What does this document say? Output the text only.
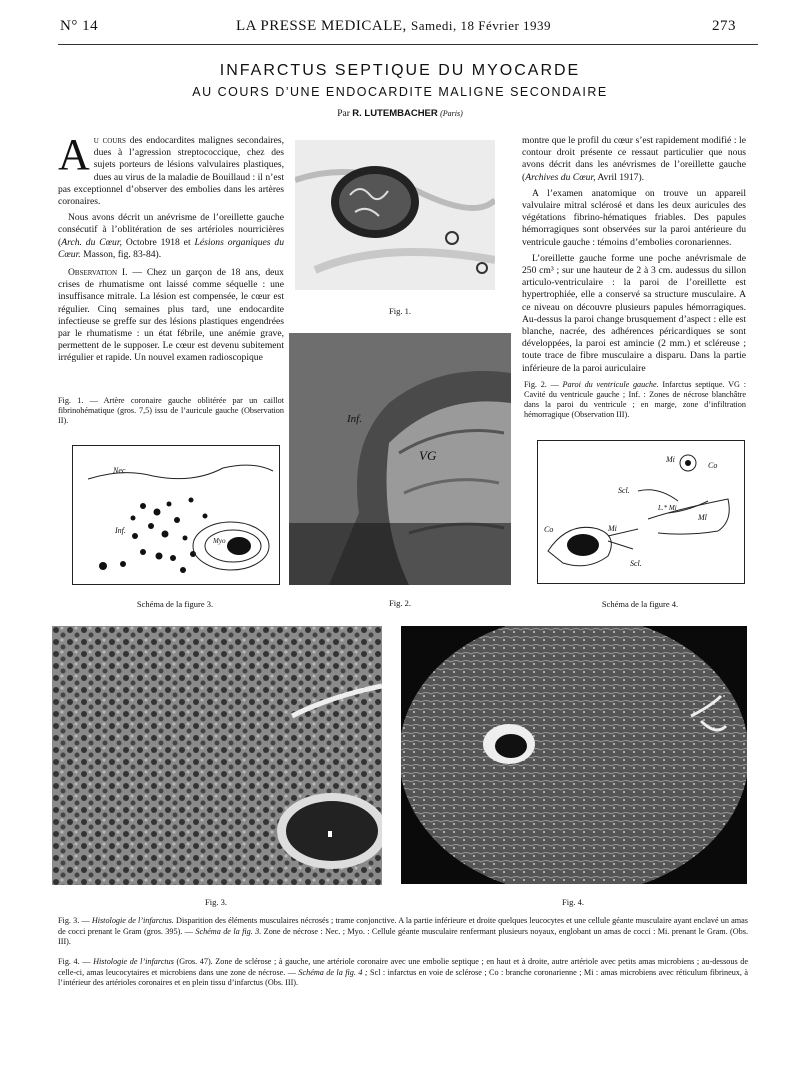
N° 14	LA PRESSE MEDICALE, Samedi, 18 Février 1939	273
INFARCTUS SEPTIQUE DU MYOCARDE
AU COURS D’UNE ENDOCARDITE MALIGNE SECONDAIRE
Par R. LUTEMBACHER (Paris)

Au cours des endocardites malignes secondaires, dues à l’agression streptococcique, chez des sujets porteurs de lésions valvulaires plastiques, dues au virus de la maladie de Bouillaud : il n’est pas exceptionnel d’observer des embolies dans les artères coronaires.

Nous avons décrit un anévrisme de l’oreillette gauche consécutif à l’oblitération de ses artérioles nourricières (Arch. du Cœur, Octobre 1918 et Lésions organiques du Cœur. Masson, fig. 83-84).

Observation I. — Chez un garçon de 18 ans, deux crises de rhumatisme ont laissé comme séquelle : une insuffisance mitrale. La lésion est compensée, le cœur est régulier. Cinq semaines plus tard, une endocardite infectieuse se greffe sur des lésions plastiques engendrées par le rhumatisme : un état fébrile, une anémie grave, permettent de le supposer. Le cœur est devenu subitement irrégulier et rapide. Un nouvel examen radioscopique

Fig. 1. — Artère coronaire gauche oblitérée par un caillot fibrinohématique (gros. 7,5) issu de l’auricule gauche (Observation II).

montre que le profil du cœur s’est rapidement modifié : le contour droit présente ce ressaut particulier que nous avons décrit dans les anévrismes de l’oreillette gauche (Archives du Cœur, Avril 1917).

A l’examen anatomique on trouve un appareil valvulaire mitral sclérosé et dans les deux auricules des végétations fibrino-hématiques friables. Des papules hémorragiques sont observées sur la paroi antérieure du ventricule gauche : témoins d’embolies coronariennes.

L’oreillette gauche forme une poche anévrismale de 250 cm³ ; sur une hauteur de 2 à 3 cm. audessus du sillon articulo-ventriculaire : la paroi de l’oreillette est hypertrophiée, elle a conservé sa structure musculaire. A ce niveau on découvre plusieurs papules hémorragiques. Au-dessus la paroi change brusquement d’aspect : elle est blanche, nacrée, des adhérences péricardiques se sont développées, la paroi est amincie (2 mm.) et scléreuse ; toute trace de fibre musculaire a disparu. Dans la partie inférieure de la paroi auriculaire

Fig. 2. — Paroi du ventricule gauche. Infarctus septique. VG : Cavité du ventricule gauche ; Inf. : Zones de nécrose blanchâtre dans la paroi du ventricule ; en marge, zone d’infiltration hémorragique (Observation III).
Fig. 1.
Inf.
VG
Fig. 2.
Nec
Inf.
Myo
Schéma de la figure 3.
Mi
Co
Scl.
L.* Mi
Ml
Co	Mi
Scl.
Schéma de la figure 4.
Fig. 3.	Fig. 4.
Fig. 3. — Histologie de l’infarctus. Disparition des éléments musculaires nécrosés ; trame conjonctive. A la partie inférieure et droite quelques leucocytes et une cellule géante musculaire ayant enclavé un amas de cocci prenant le Gram (gros. 395). — Schéma de la fig. 3. Zone de nécrose : Nec. ; Myo. : Cellule géante musculaire renfermant plusieurs noyaux, englobant un amas de cocci : Mi. prenant le Gram. (Obs. III).
Fig. 4. — Histologie de l’infarctus (Gros. 47). Zone de sclérose ; à gauche, une artériole coronaire avec une embolie septique ; en haut et à droite, autre artériole avec petits amas microbiens ; au-dessous de celle-ci, amas leucocytaires et microbiens dans une zone de nécrose. — Schéma de la fig. 4 ; Scl : infarctus en voie de sclérose ; Co : branche coronarienne ; Mi : amas microbiens avec réticulum fibrineux, à l’intérieur des artérioles coronaires et en plein tissu d’infarctus (Obs. III).
